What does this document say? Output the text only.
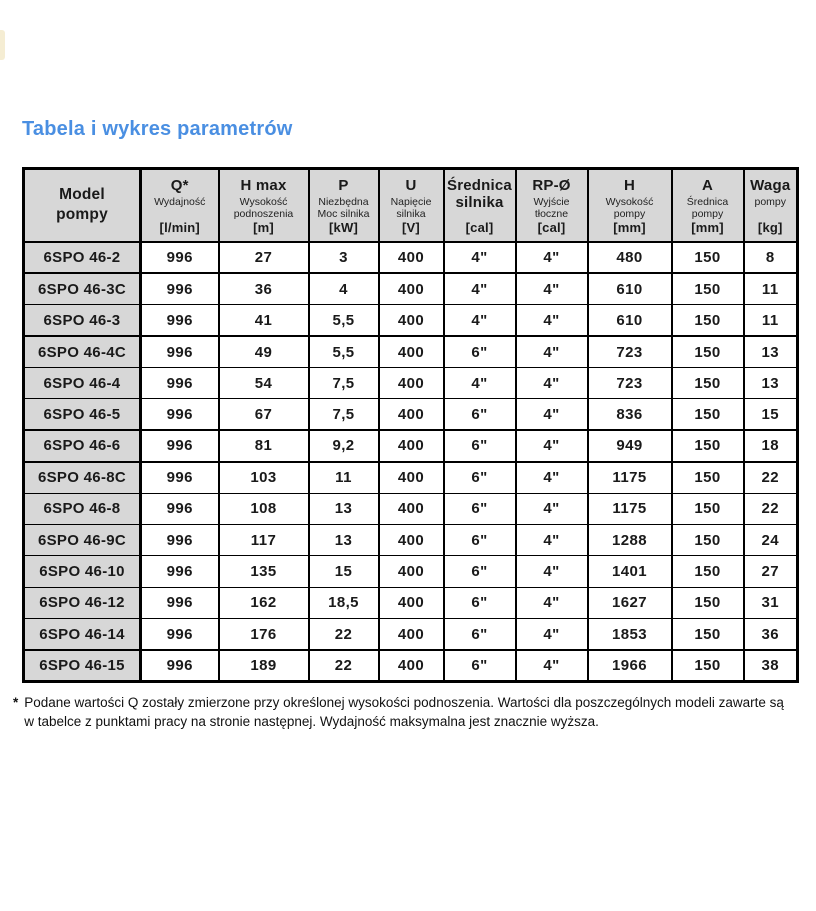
Tabela i wykres parametrów
Model
pompy

Q*
Wydajność
[l/min]

H max
Wysokość
podnoszenia
[m]

P
Niezbędna
Moc silnika
[kW]

U
Napięcie
silnika
[V]

Średnica
silnika
[cal]

RP-Ø
Wyjście
tłoczne
[cal]

H
Wysokość
pompy
[mm]

A
Średnica
pompy
[mm]

Waga
pompy
[kg]

6SPO 46-2	996	27	3	400	4"	4"	480	150	8
6SPO 46-3C	996	36	4	400	4"	4"	610	150	11
6SPO 46-3	996	41	5,5	400	4"	4"	610	150	11
6SPO 46-4C	996	49	5,5	400	6"	4"	723	150	13
6SPO 46-4	996	54	7,5	400	4"	4"	723	150	13
6SPO 46-5	996	67	7,5	400	6"	4"	836	150	15
6SPO 46-6	996	81	9,2	400	6"	4"	949	150	18
6SPO 46-8C	996	103	11	400	6"	4"	1175	150	22
6SPO 46-8	996	108	13	400	6"	4"	1175	150	22
6SPO 46-9C	996	117	13	400	6"	4"	1288	150	24
6SPO 46-10	996	135	15	400	6"	4"	1401	150	27
6SPO 46-12	996	162	18,5	400	6"	4"	1627	150	31
6SPO 46-14	996	176	22	400	6"	4"	1853	150	36
6SPO 46-15	996	189	22	400	6"	4"	1966	150	38
* Podane wartości Q zostały zmierzone przy określonej wysokości podnoszenia. Wartości dla poszczególnych modeli zawarte są
w tabelce z punktami pracy na stronie następnej. Wydajność maksymalna jest znacznie wyższa.
